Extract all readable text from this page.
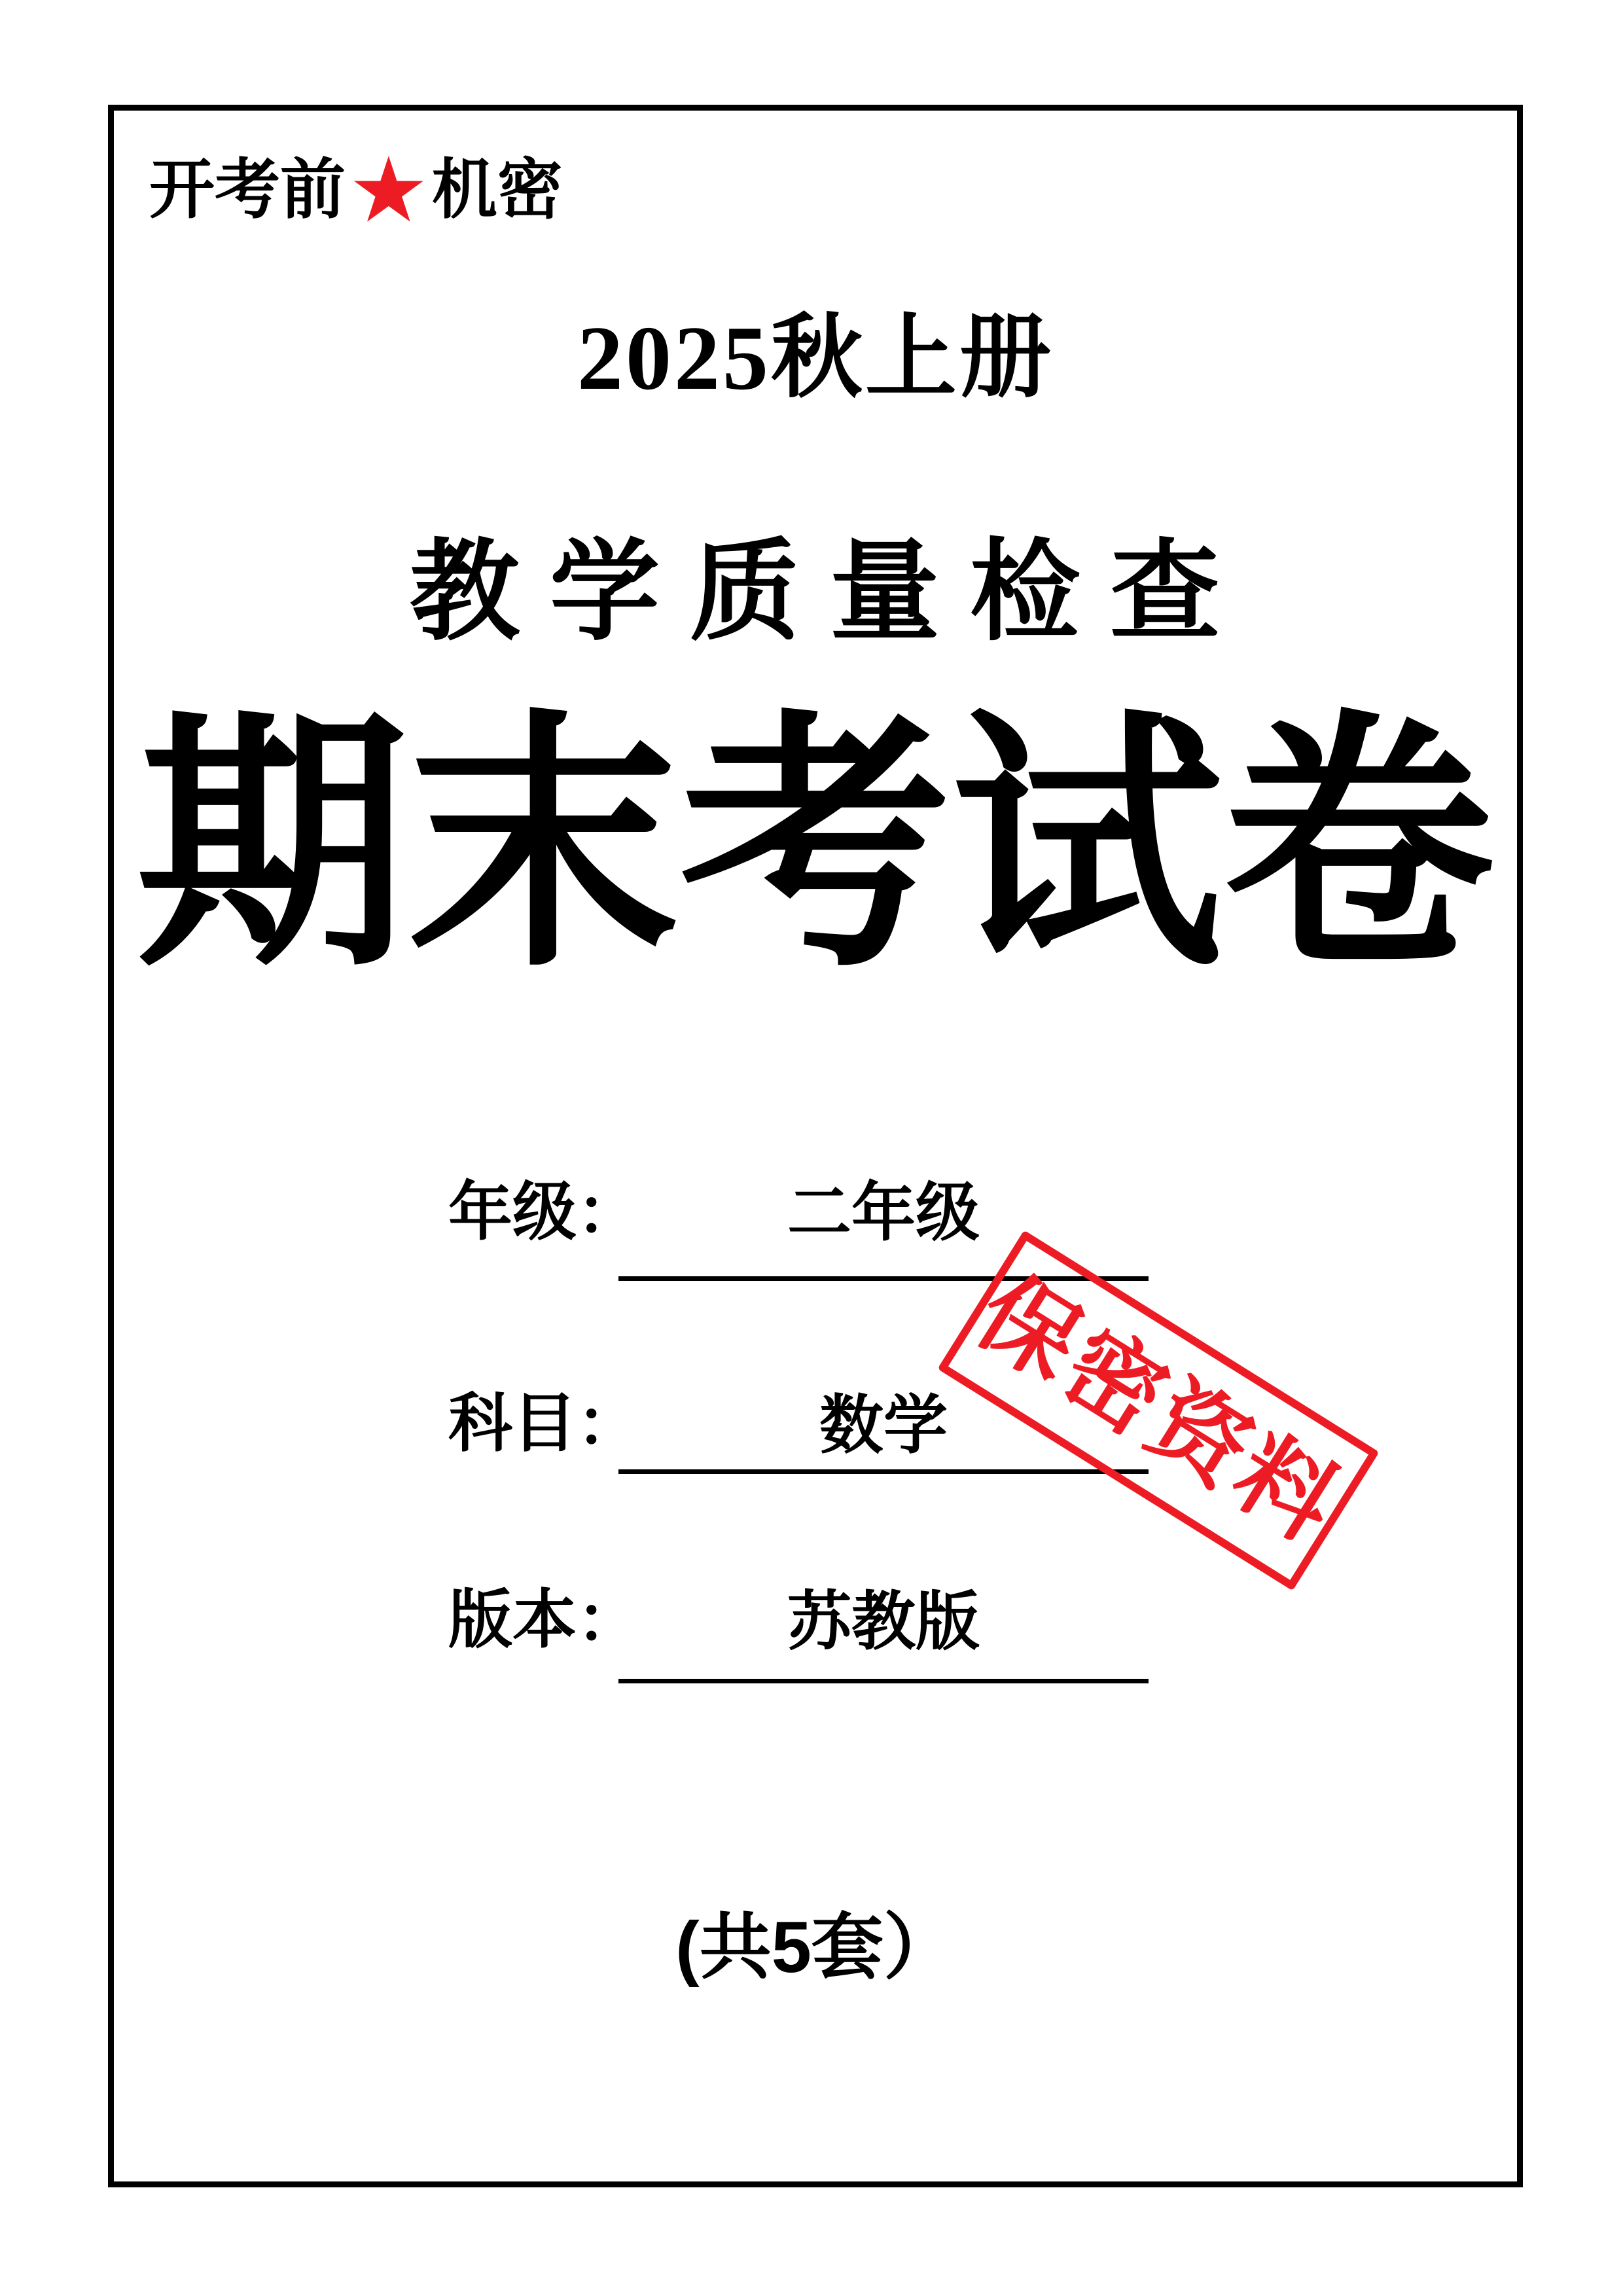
开考前 ★ 机密
2025秋上册
教 学 质 量 检 查
期末考试卷
年级： 二年级
科目：	数学
版本： 苏教版
保密资料
(共5套）
